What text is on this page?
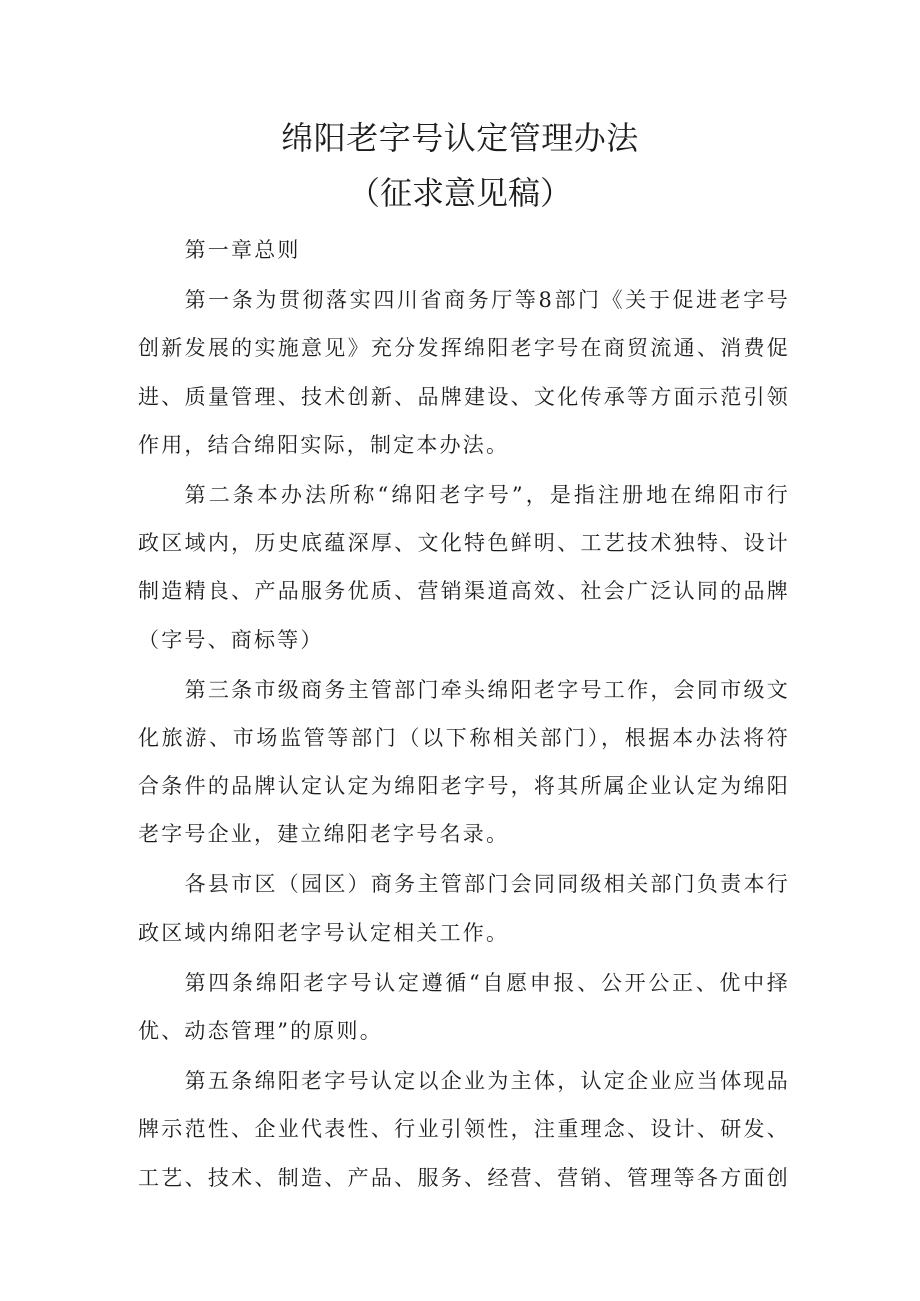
绵阳老字号认定管理办法
（征求意见稿）
第一章总则
第一条为贯彻落实四川省商务厅等8部门《关于促进老字号
创新发展的实施意见》充分发挥绵阳老字号在商贸流通、消费促
进、质量管理、技术创新、品牌建设、文化传承等方面示范引领
作用，结合绵阳实际，制定本办法。
第二条本办法所称“绵阳老字号”，是指注册地在绵阳市行
政区域内，历史底蕴深厚、文化特色鲜明、工艺技术独特、设计
制造精良、产品服务优质、营销渠道高效、社会广泛认同的品牌
（字号、商标等）
第三条市级商务主管部门牵头绵阳老字号工作，会同市级文
化旅游、市场监管等部门（以下称相关部门），根据本办法将符
合条件的品牌认定认定为绵阳老字号，将其所属企业认定为绵阳
老字号企业，建立绵阳老字号名录。
各县市区（园区）商务主管部门会同同级相关部门负责本行
政区域内绵阳老字号认定相关工作。
第四条绵阳老字号认定遵循“自愿申报、公开公正、优中择
优、动态管理”的原则。
第五条绵阳老字号认定以企业为主体，认定企业应当体现品
牌示范性、企业代表性、行业引领性，注重理念、设计、研发、
工艺、技术、制造、产品、服务、经营、营销、管理等各方面创
